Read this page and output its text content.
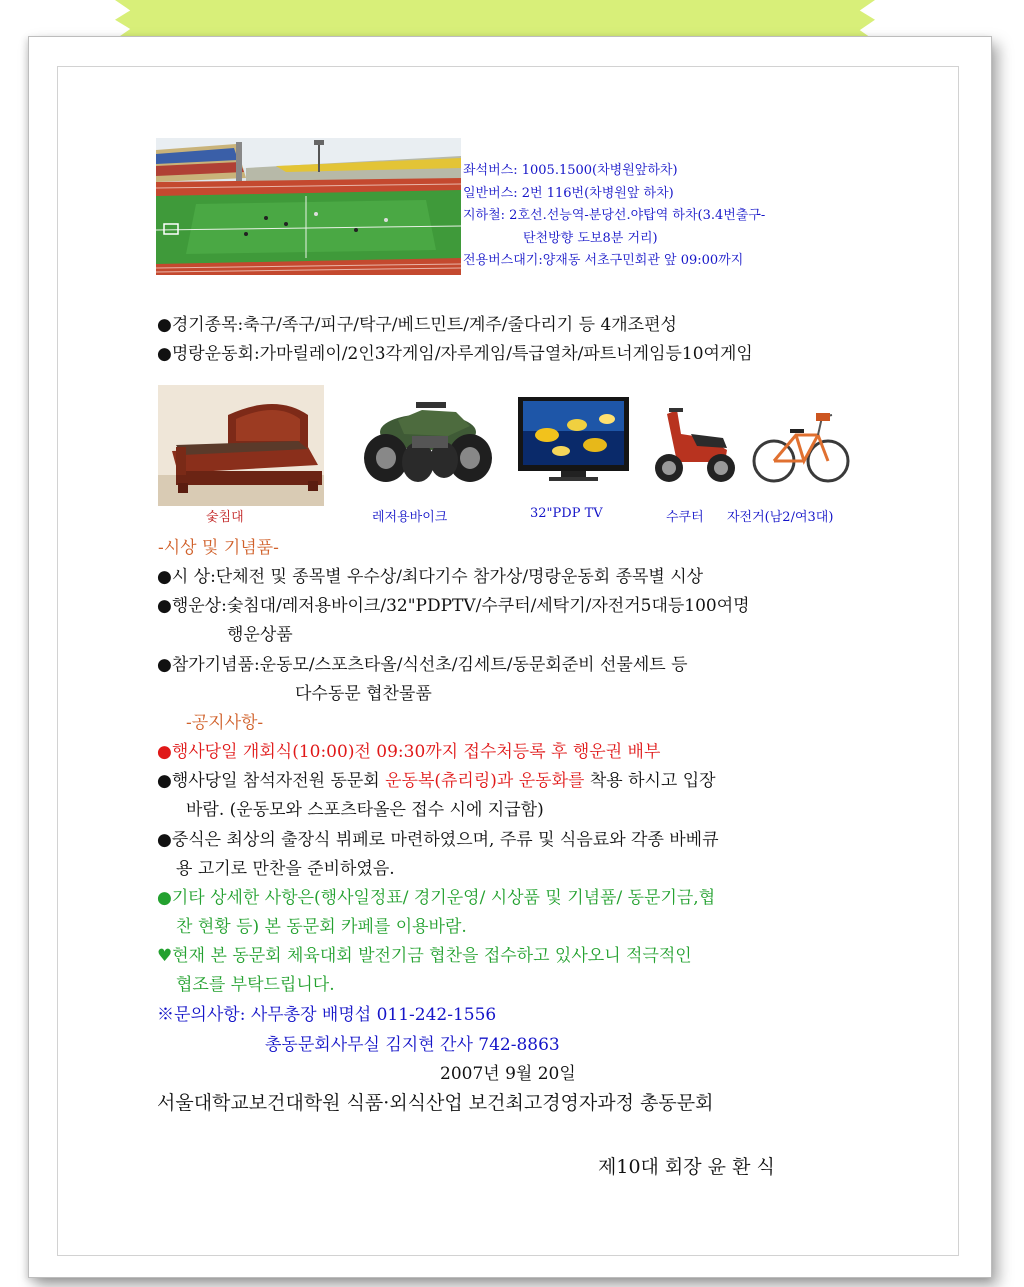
좌석버스: 1005.1500(차병원앞하차)
일반버스: 2번 116번(차병원앞 하차)
지하철: 2호선.선능역-분당선.야탑역 하차(3.4번출구-
탄천방향 도보8분 거리)
전용버스대기:양재동 서초구민회관 앞 09:00까지
●경기종목:축구/족구/피구/탁구/베드민트/계주/줄다리기 등 4개조편성
●명랑운동회:가마릴레이/2인3각게임/자루게임/특급열차/파트너게임등10여게임
숯침대	레저용바이크	32"PDP TV	수쿠터 자전거(남2/여3대)
-시상 및 기념품-
●시 상:단체전 및 종목별 우수상/최다기수 참가상/명랑운동회 종목별 시상
●행운상:숯침대/레저용바이크/32"PDPTV/수쿠터/세탁기/자전거5대등100여명
행운상품
●참가기념품:운동모/스포츠타올/식선초/김세트/동문회준비 선물세트 등
다수동문 협찬물품
-공지사항-
●행사당일 개회식(10:00)전 09:30까지 접수처등록 후 행운권 배부
●행사당일 참석자전원 동문회 운동복(츄리링)과 운동화를 착용 하시고 입장
바람. (운동모와 스포츠타올은 접수 시에 지급함)
●중식은 최상의 출장식 뷔페로 마련하였으며, 주류 및 식음료와 각종 바베큐
용 고기로 만찬을 준비하였음.
●기타 상세한 사항은(행사일정표/ 경기운영/ 시상품 및 기념품/ 동문기금,협
찬 현황 등) 본 동문회 카페를 이용바람.
♥현재 본 동문회 체육대회 발전기금 협찬을 접수하고 있사오니 적극적인
협조를 부탁드립니다.
※문의사항: 사무총장 배명섭 011-242-1556
총동문회사무실 김지현 간사 742-8863
2007년 9월 20일
서울대학교보건대학원 식품·외식산업 보건최고경영자과정 총동문회
제10대 회장 윤 환 식
